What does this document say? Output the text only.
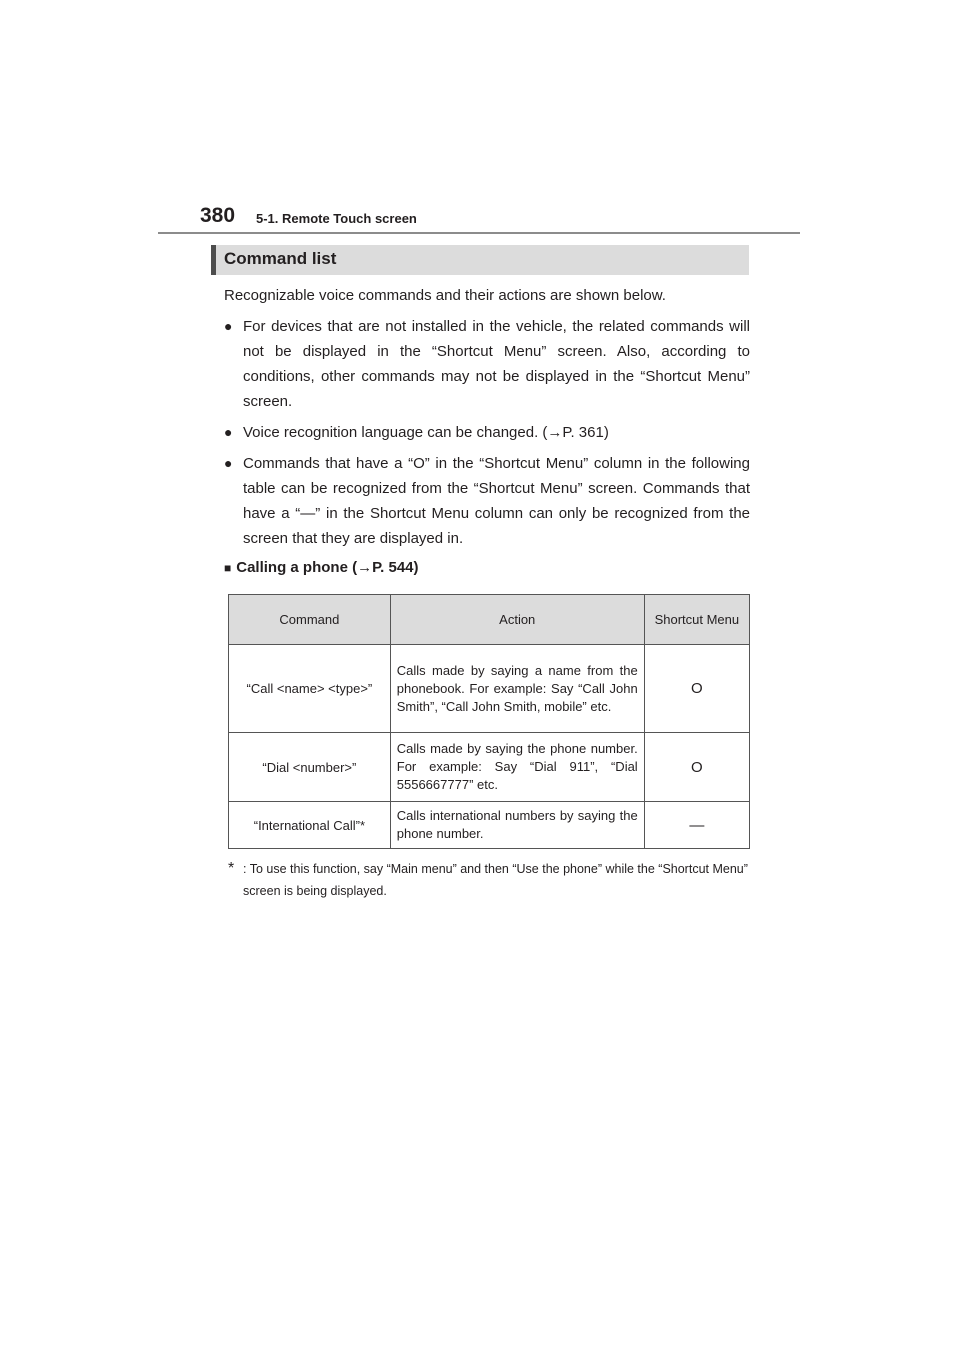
380 5-1. Remote Touch screen
Command list
Recognizable voice commands and their actions are shown below.
● For devices that are not installed in the vehicle, the related commands will not be displayed in the “Shortcut Menu” screen. Also, according to conditions, other commands may not be displayed in the “Shortcut Menu” screen.
● Voice recognition language can be changed. (→P. 361)
● Commands that have a “O” in the “Shortcut Menu” column in the following table can be recognized from the “Shortcut Menu” screen. Commands that have a “—” in the Shortcut Menu column can only be recognized from the screen that they are displayed in.
■ Calling a phone (→P. 544)
Command	Action	Shortcut Menu
“Call <name> <type>”	Calls made by saying a name from the phonebook. For example: Say “Call John Smith”, “Call John Smith, mobile” etc.	O
“Dial <number>”	Calls made by saying the phone number. For example: Say “Dial 911”, “Dial 5556667777” etc.	O
“International Call”*	Calls international numbers by saying the phone number.	—
* : To use this function, say “Main menu” and then “Use the phone” while the “Shortcut Menu” screen is being displayed.
